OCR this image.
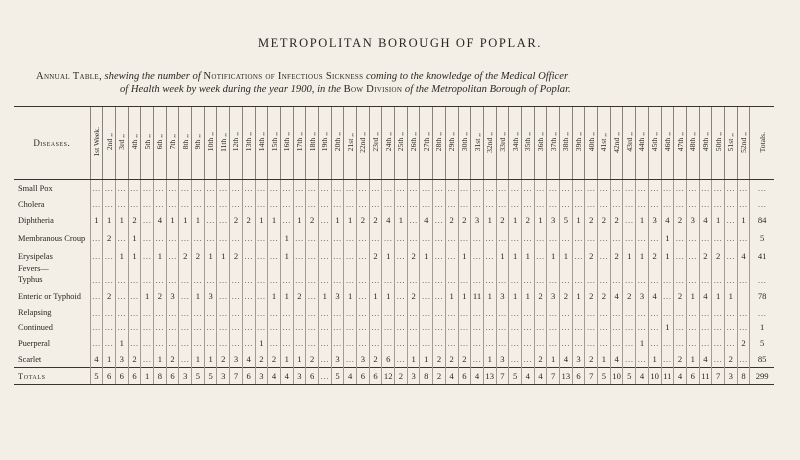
METROPOLITAN BOROUGH OF POPLAR.
Annual Table, shewing the number of Notifications of Infectious Sickness coming to the knowledge of the Medical Officer
of Health week by week during the year 1900, in the Bow Division of the Metropolitan Borough of Poplar.
Diseases.	1st Week.	2nd ,,	3rd ,,	4th ,,	5th ,,	6th ,,	7th ,,	8th ,,	9th ,,	10th ,,	11th ,,	12th ,,	13th ,,	14th ,,	15th ,,	16th ,,	17th ,,	18th ,,	19th ,,	20th ,,	21st ,,	22nd ,,	23rd ,,	24th ,,	25th ,,	26th ,,	27th ,,	28th ,,	29th ,,	30th ,,	31st ,,	32nd ,,	33rd ,,	34th ,,	35th ,,	36th ,,	37th ,,	38th ,,	39th ,,	40th ,,	41st ,,	42nd ,,	43rd ,,	44th ,,	45th ,,	46th ,,	47th ,,	48th ,,	49th ,,	50th ,,	51st ,,	52nd ,,	Totals.
Small Pox	…	…	…	…	…	…	…	…	…	…	…	…	…	…	…	…	…	…	…	…	…	…	…	…	…	…	…	…	…	…	…	…	…	…	…	…	…	…	…	…	…	…	…	…	…	…	…	…	…	…	…	…	…
Cholera	…	…	…	…	…	…	…	…	…	…	…	…	…	…	…	…	…	…	…	…	…	…	…	…	…	…	…	…	…	…	…	…	…	…	…	…	…	…	…	…	…	…	…	…	…	…	…	…	…	…	…	…	…
Diphtheria	1	1	1	2	…	4	1	1	1	…	…	2	2	1	1	…	1	2	…	1	1	2	2	4	1	…	4	…	2	2	3	1	2	1	2	1	3	5	1	2	2	2	…	1	3	4	2	3	4	1	…	1	84
Membranous Croup	…	2	…	1	…	…	…	…	…	…	…	…	…	…	…	1	…	…	…	…	…	…	…	…	…	…	…	…	…	…	…	…	…	…	…	…	…	…	…	…	…	…	…	…	…	1	…	…	…	…	…	…	5
Erysipelas	…	…	1	1	…	1	…	2	2	1	1	2	…	…	…	1	…	…	…	…	…	…	2	1	…	2	1	…	…	1	…	…	1	1	1	…	1	1	…	2	…	2	1	1	2	1	…	…	2	2	…	4	41
Fevers—																																																					
Typhus	…	…	…	…	…	…	…	…	…	…	…	…	…	…	…	…	…	…	…	…	…	…	…	…	…	…	…	…	…	…	…	…	…	…	…	…	…	…	…	…	…	…	…	…	…	…	…	…	…	…	…	…	…
Enteric or Typhoid	…	2	…	…	1	2	3	…	1	3	…	…	…	…	1	1	2	…	1	3	1	…	1	1	…	2	…	…	1	1	11	1	3	1	1	2	3	2	1	2	2	4	2	3	4	…	2	1	4	1	1		78
Relapsing	…	…	…	…	…	…	…	…	…	…	…	…	…	…	…	…	…	…	…	…	…	…	…	…	…	…	…	…	…	…	…	…	…	…	…	…	…	…	…	…	…	…	…	…	…	…	…	…	…	…	…	…	…
Continued	…	…	…	…	…	…	…	…	…	…	…	…	…	…	…	…	…	…	…	…	…	…	…	…	…	…	…	…	…	…	…	…	…	…	…	…	…	…	…	…	…	…	…	…	…	1	…	…	…	…	…	…	1
Puerperal	…	…	1	…	…	…	…	…	…	…	…	…	…	1	…	…	…	…	…	…	…	…	…	…	…	…	…	…	…	…	…	…	…	…	…	…	…	…	…	…	…	…	…	1	…	…	…	…	…	…	…	2	5
Scarlet	4	1	3	2	…	1	2	…	1	1	2	3	4	2	2	1	1	2	…	3	…	3	2	6	…	1	1	2	2	2	…	1	3	…	…	2	1	4	3	2	1	4	…	…	1	…	2	1	4	…	2	…	85
Totals	5	6	6	6	1	8	6	3	5	5	3	7	6	3	4	4	3	6	…	5	4	6	6	12	2	3	8	2	4	6	4	13	7	5	4	4	7	13	6	7	5	10	5	4	10	11	4	6	11	7	3	8	299
